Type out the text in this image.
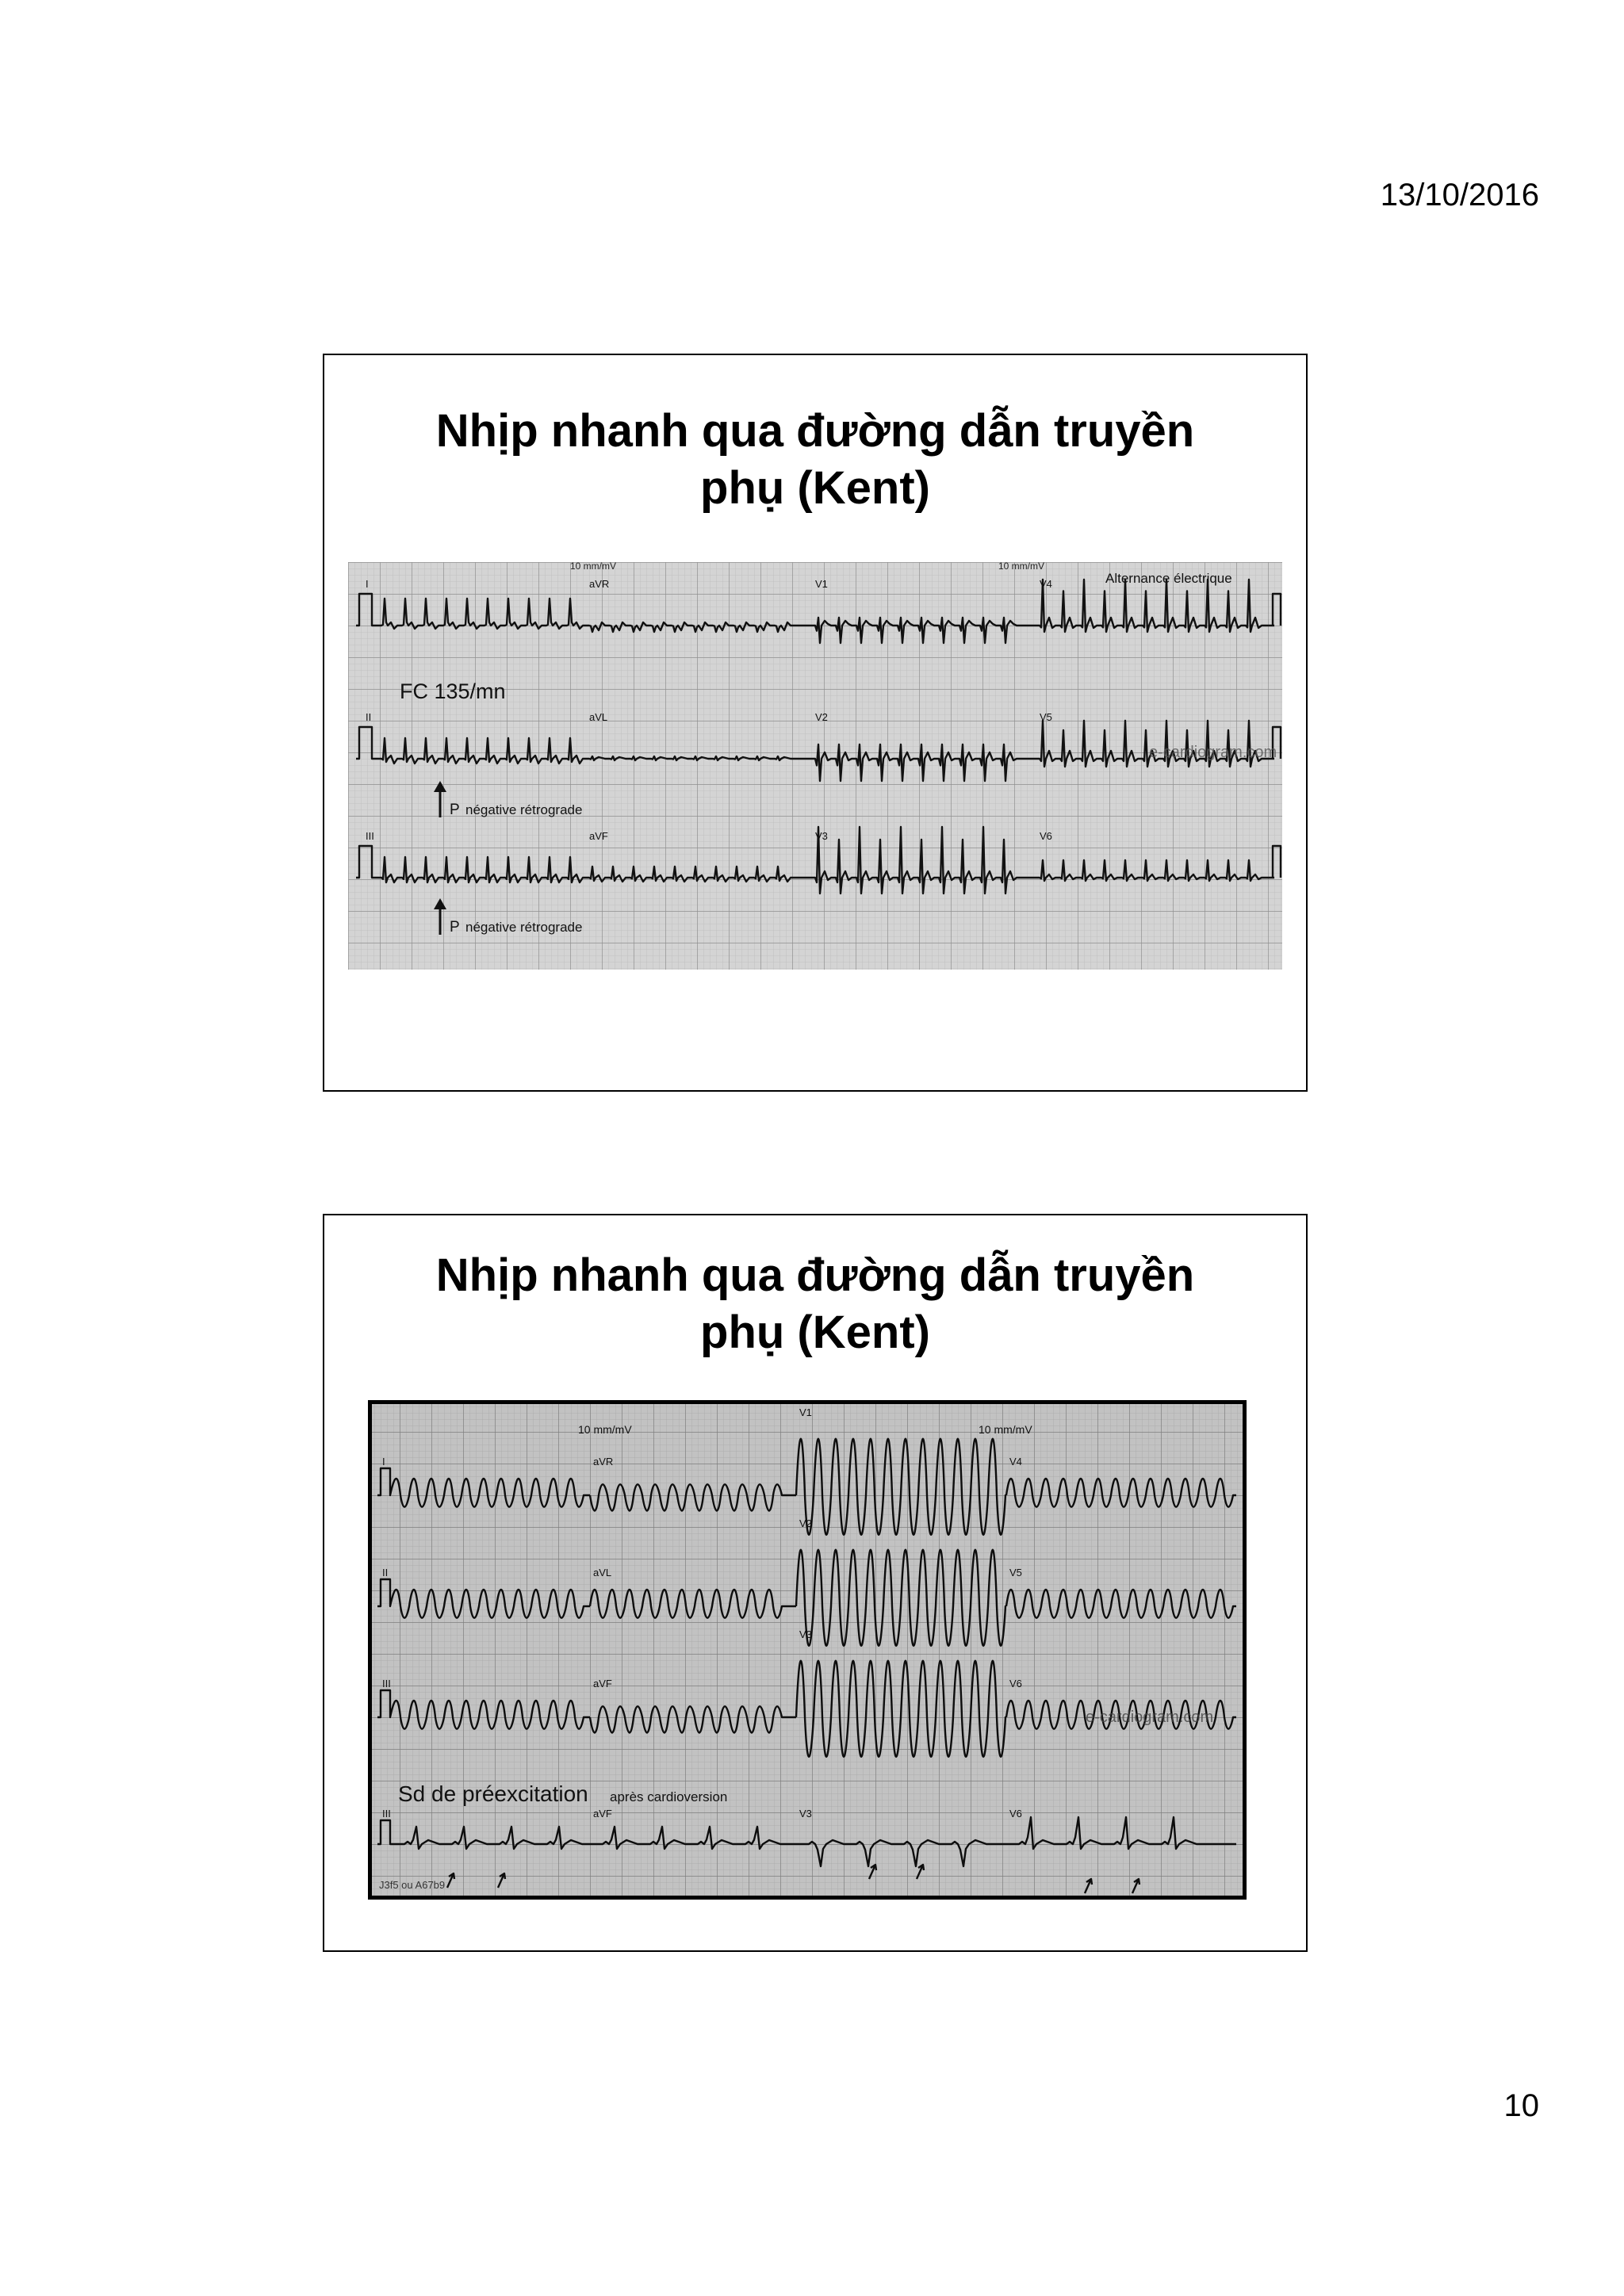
13/10/2016
Nhịp nhanh qua đường dẫn truyền
phụ (Kent)
I	aVR	V1	V4
II	aVL	V2	V5
III	aVF	V3	V6
10 mm/mV	10 mm/mV
Alternance électrique
FC 135/mn
e-cardiogram.com
P négative rétrograde
P négative rétrograde
Nhịp nhanh qua đường dẫn truyền
phụ (Kent)
I	aVR
V1
V4
II	aVL
V2
V5
III	aVF
V3
V6
III	aVF	V3	V6
10 mm/mV	10 mm/mV
e-cardiogram.com
Sd de préexcitation après cardioversion
J3f5 ou A67b9
10
